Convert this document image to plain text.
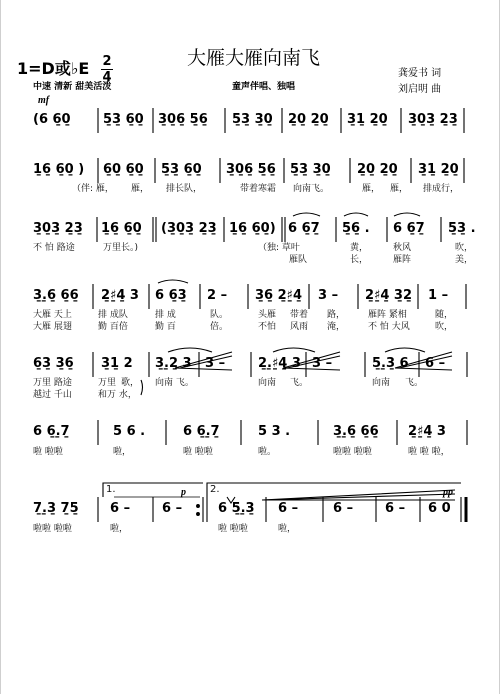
1=D或♭E 2
4
大雁大雁向南飞
童声伴唱、独唱
中速 清新 甜美活泼
龚爱书 词
刘启明 曲
mf
(6 6̱0̱ 5̱3̱ 6̱0̱ 3̱0̱6̱ 5̱6̱ 5̱3̱ 3̱0̱ 2̱0̱ 2̱0̱ 3̱1̱ 2̱0̱ 3̱0̱3̱ 2̱3̱
1̱6̱ 6̱0̱ ) 6̱0̱ 6̱0̱ 5̱3̱ 6̱0̱ 3̱0̱6̱ 5̱6̱ 5̱3̱ 3̱0̱ 2̱0̱ 2̱0̱ 3̱1̱ 2̱0̱
（伴: 雁， 雁， 排长队，	带着寒霜 向南飞。	雁， 雁， 排成行，
3̱0̱3̱ 2̱3̱ 1̱6̱ 6̱0̱ (3̱0̱3̱ 2̱3̱ 1̱6̱ 6̱0̱) 6 6̱7̱ 5̱6̱ . 6 6̱7̱ 5̱3̱ .
不 怕 路途	万里长。)	（独: 草叶	黄，	秋风	吹，
雁队	长，	雁阵	美，
3̱.̱6̱ 6̱6̱ 2̱♯̱4̱ 3 6 6̱3̱ 2 – 3̱6̱ 2̱♯̱4̱ 3 – 2̱♯̱4̱ 3̱2̱ 1 –
大雁 天上	排 成队	排 成	队。	头雁 带着 路，	雁阵 紧相	随，
大雁 展翅	勤 百倍	勤 百	倍。	不怕 风雨 淹，	不 怕 大风	吹，
6̱3̱ 3̱6̱ 3̱1̱ 2 3̱.̱2̱ 3 3 –	2̱.̱♯̱4̱ 3 3 –	5̱.̱3̱ 6 6 –
万里 路途	万里 歌， 向南 飞。	向南 飞。	向南 飞。
越过 千山	和万 水，
6 6̱.̱7̱	5 6 .	6 6̱.̱7̱	5 3 .	3̱.̱6̱ 6̱6̱ 2̱♯̱4̱ 3
啦 啦啦	啦，	啦 啦啦	啦。	啦啦 啦啦	啦 啦 啦，
p	pp
1.	2.
7̱.̱3̱ 7̱5̱ 6 – 6 –	6 5̱.̱3̱ 6 –	6 – 6 – 6 0
啦啦 啦啦	啦，	啦 啦啦	啦，
